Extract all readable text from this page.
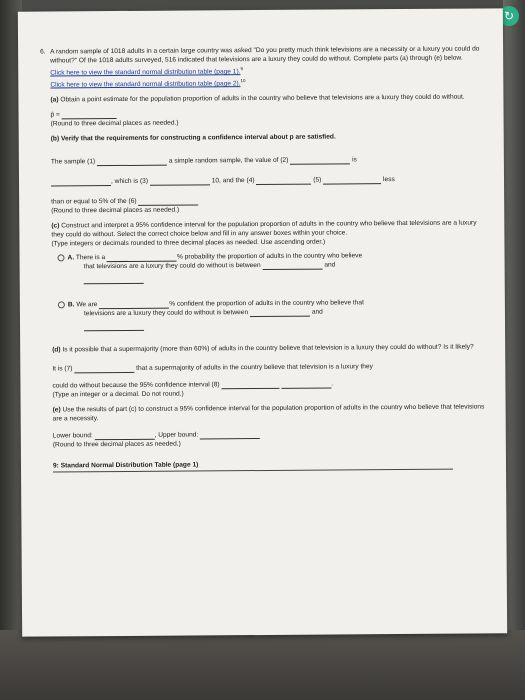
↻
6. A random sample of 1018 adults in a certain large country was asked "Do you pretty much think televisions are a necessity or a luxury you could do without?" Of the 1018 adults surveyed, 516 indicated that televisions are a luxury they could do without. Complete parts (a) through (e) below.
Click here to view the standard normal distribution table (page 1).$^9$
Click here to view the standard normal distribution table (page 2).$^{10}$
(a) Obtain a point estimate for the population proportion of adults in the country who believe that televisions are a luxury they could do without.
p̂ =
(Round to three decimal places as needed.)
(b) Verify that the requirements for constructing a confidence interval about p are satisfied.
The sample (1)	a simple random sample, the value of (2)	is
, which is (3)	10, and the (4)	(5)	less
than or equal to 5% of the (6)
(Round to three decimal places as needed.)
(c) Construct and interpret a 95% confidence interval for the population proportion of adults in the country who believe that televisions are a luxury they could do without. Select the correct choice below and fill in any answer boxes within your choice.
(Type integers or decimals rounded to three decimal places as needed. Use ascending order.)
A. There is a	% probability the proportion of adults in the country who believe
that televisions are a luxury they could do without is between	and
B. We are	% confident the proportion of adults in the country who believe that
televisions are a luxury they could do without is between	and
(d) Is it possible that a supermajority (more than 60%) of adults in the country believe that television is a luxury they could do without? Is it likely?
It is (7)	that a supermajority of adults in the country believe that television is a luxury they
could do without because the 95% confidence interval (8)	.
(Type an integer or a decimal. Do not round.)
(e) Use the results of part (c) to construct a 95% confidence interval for the population proportion of adults in the country who believe that televisions are a necessity.
Lower bound:	, Upper bound:
(Round to three decimal places as needed.)
9: Standard Normal Distribution Table (page 1)
